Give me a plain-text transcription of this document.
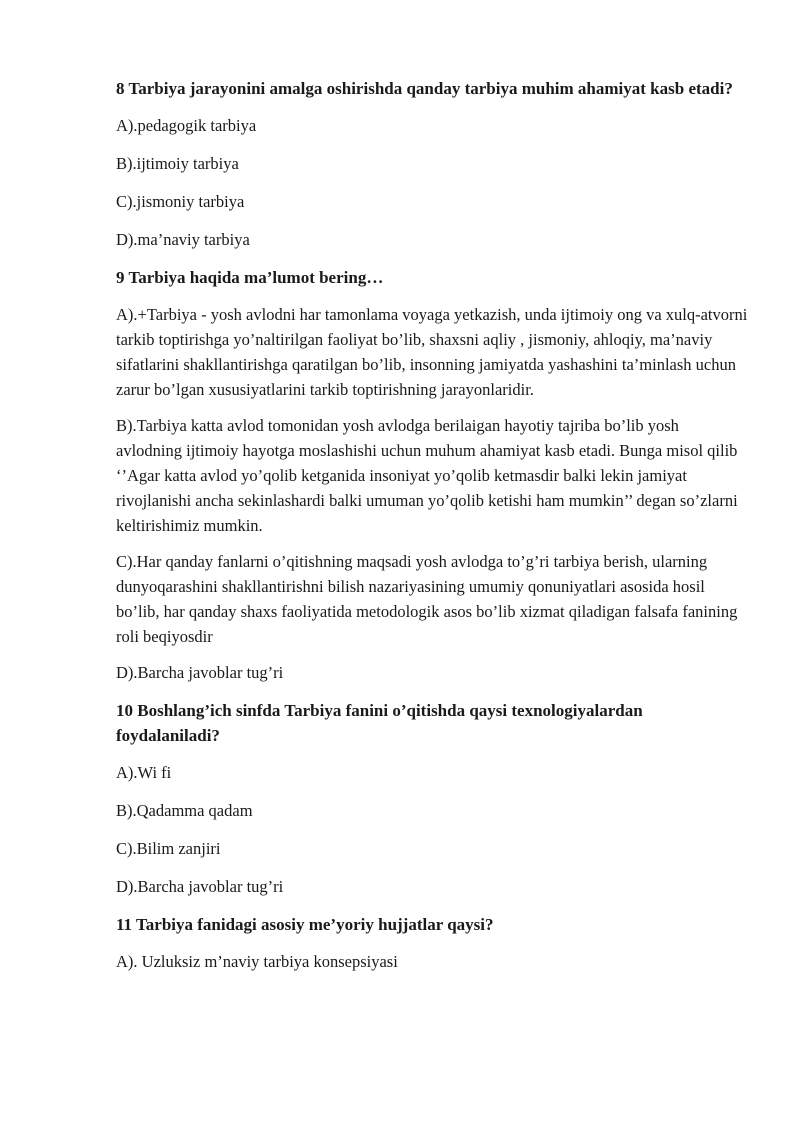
8 Tarbiya jarayonini amalga oshirishda qanday tarbiya muhim ahamiyat kasb etadi?

A).pedagogik tarbiya

B).ijtimoiy tarbiya

C).jismoniy tarbiya

D).ma’naviy tarbiya

9 Tarbiya haqida ma’lumot bering…

A).+Tarbiya - yosh avlodni har tamonlama voyaga yetkazish, unda ijtimoiy ong va xulq-atvorni tarkib toptirishga yo’naltirilgan faoliyat bo’lib, shaxsni aqliy , jismoniy, ahloqiy, ma’naviy sifatlarini shakllantirishga qaratilgan bo’lib, insonning jamiyatda yashashini ta’minlash uchun zarur bo’lgan xususiyatlarini tarkib toptirishning jarayonlaridir.

B).Tarbiya katta avlod tomonidan yosh avlodga berilaigan hayotiy tajriba bo’lib yosh avlodning ijtimoiy hayotga moslashishi uchun muhum ahamiyat kasb etadi. Bunga misol qilib ‘’Agar katta avlod yo’qolib ketganida insoniyat yo’qolib ketmasdir balki lekin jamiyat rivojlanishi ancha sekinlashardi balki umuman yo’qolib ketishi ham mumkin’’ degan so’zlarni keltirishimiz mumkin.

C).Har qanday fanlarni o’qitishning maqsadi yosh avlodga to’g’ri tarbiya berish, ularning dunyoqarashini shakllantirishni bilish nazariyasining umumiy qonuniyatlari asosida hosil bo’lib, har qanday shaxs faoliyatida metodologik asos bo’lib xizmat qiladigan falsafa fanining roli beqiyosdir

D).Barcha javoblar tug’ri

10 Boshlang’ich sinfda Tarbiya fanini o’qitishda qaysi texnologiyalardan foydalaniladi?

A).Wi fi

B).Qadamma qadam

C).Bilim zanjiri

D).Barcha javoblar tug’ri

11 Tarbiya fanidagi asosiy me’yoriy hujjatlar qaysi?

A). Uzluksiz m’naviy tarbiya konsepsiyasi
